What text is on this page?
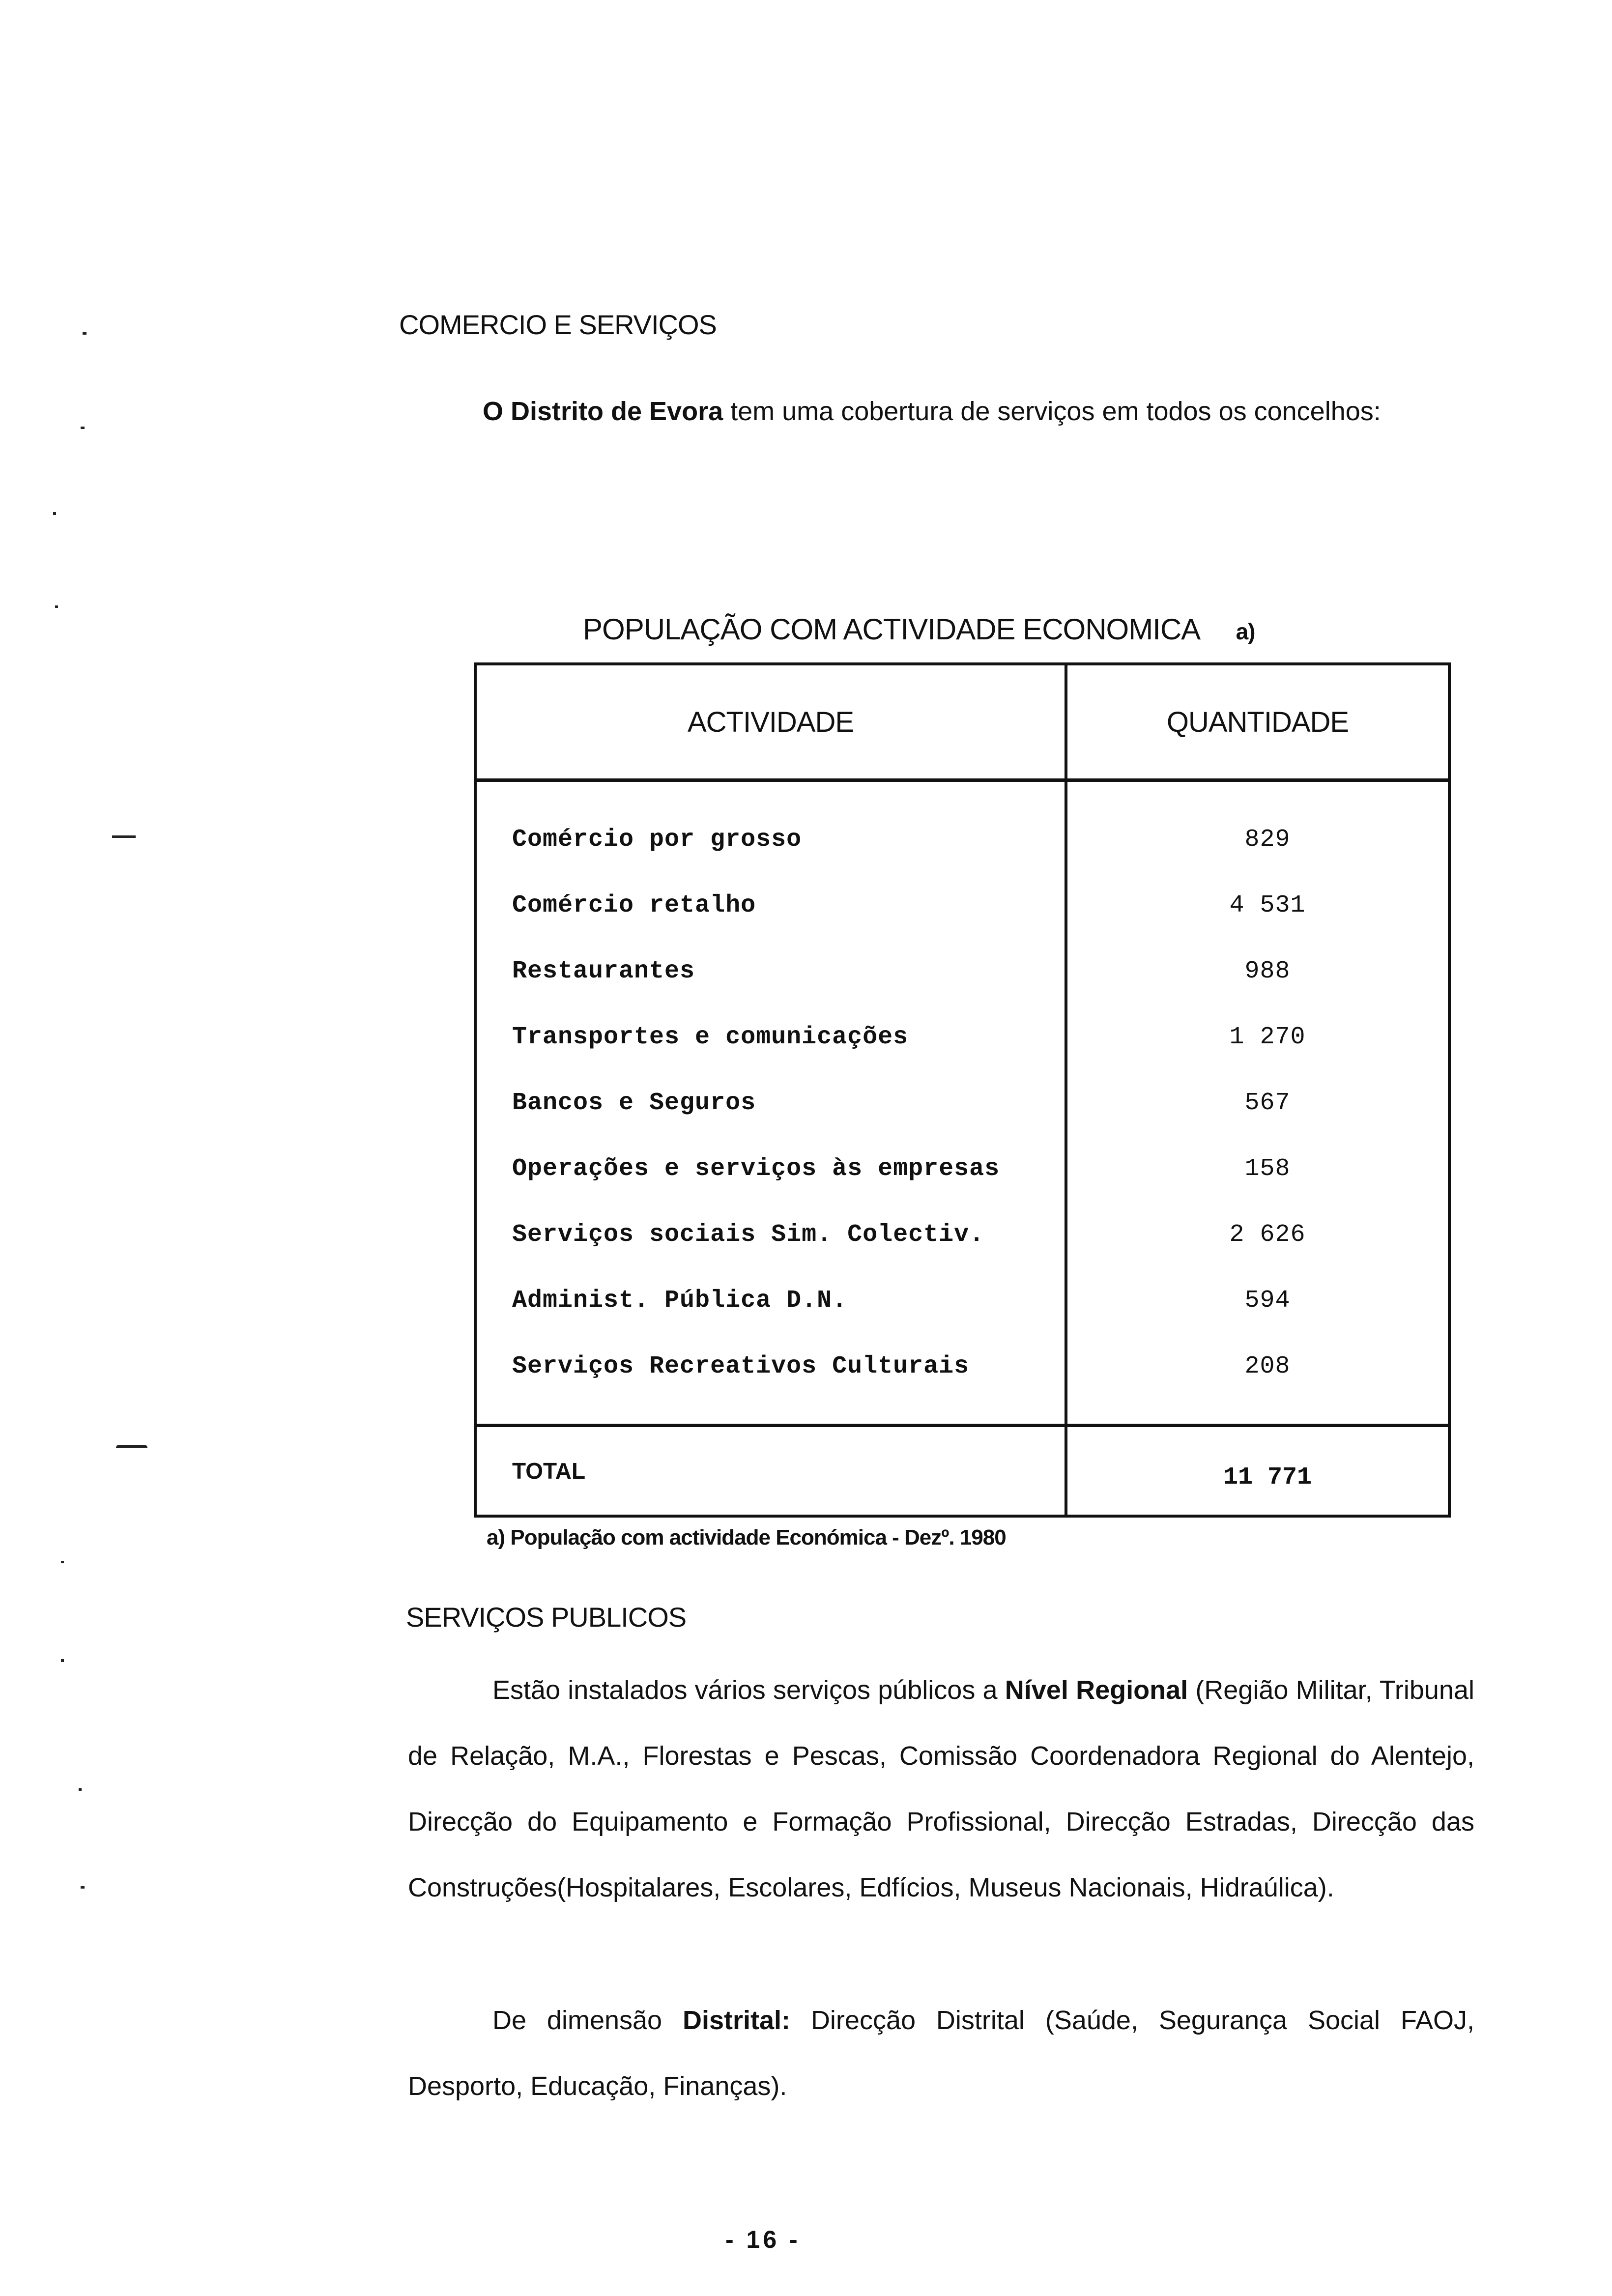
COMERCIO E SERVIÇOS

O Distrito de Evora tem uma cobertura de serviços em todos os concelhos:

POPULAÇÃO COM ACTIVIDADE ECONOMICA a)
ACTIVIDADE	QUANTIDADE

Comércio por grosso	829
Comércio retalho	4 531
Restaurantes	988
Transportes e comunicações	1 270
Bancos e Seguros	567
Operações e serviços às empresas	158
Serviços sociais Sim. Colectiv.	2 626
Administ. Pública D.N.	594
Serviços Recreativos Culturais	208

TOTAL	11 771
a) População com actividade Económica - Dezº. 1980
SERVIÇOS PUBLICOS

Estão instalados vários serviços públicos a Nível Regional (Região Militar, Tribunal de Relação, M.A., Florestas e Pescas, Comissão Coordenadora Regional do Alentejo, Direcção do Equipamento e Formação Profissional, Direcção Estradas, Direcção das Construções(Hospitalares, Escolares, Edfícios, Museus Nacionais, Hidraúlica).

De dimensão Distrital: Direcção Distrital (Saúde, Segurança Social FAOJ, Desporto, Educação, Finanças).

- 16 -
